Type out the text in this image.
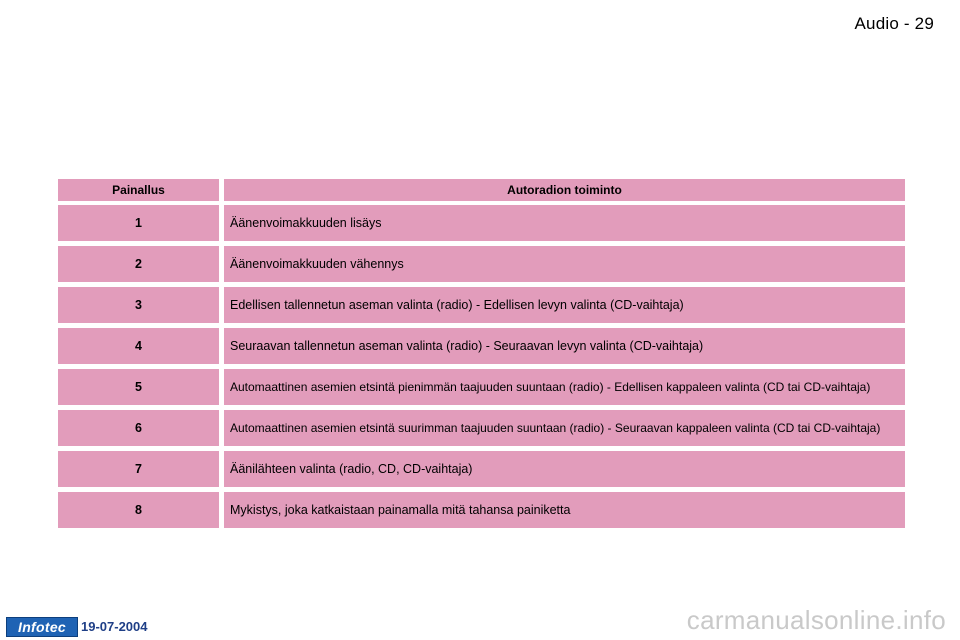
Audio - 29
Painallus	Autoradion toiminto
1	Äänenvoimakkuuden lisäys
2	Äänenvoimakkuuden vähennys
3	Edellisen tallennetun aseman valinta (radio) - Edellisen levyn valinta (CD-vaihtaja)
4	Seuraavan tallennetun aseman valinta (radio) - Seuraavan levyn valinta (CD-vaihtaja)
5	Automaattinen asemien etsintä pienimmän taajuuden suuntaan (radio) - Edellisen kappaleen valinta (CD tai CD-vaihtaja)
6	Automaattinen asemien etsintä suurimman taajuuden suuntaan (radio) - Seuraavan kappaleen valinta (CD tai CD-vaihtaja)
7	Äänilähteen valinta (radio, CD, CD-vaihtaja)
8	Mykistys, joka katkaistaan painamalla mitä tahansa painiketta
Infotec	19-07-2004	carmanualsonline.info
